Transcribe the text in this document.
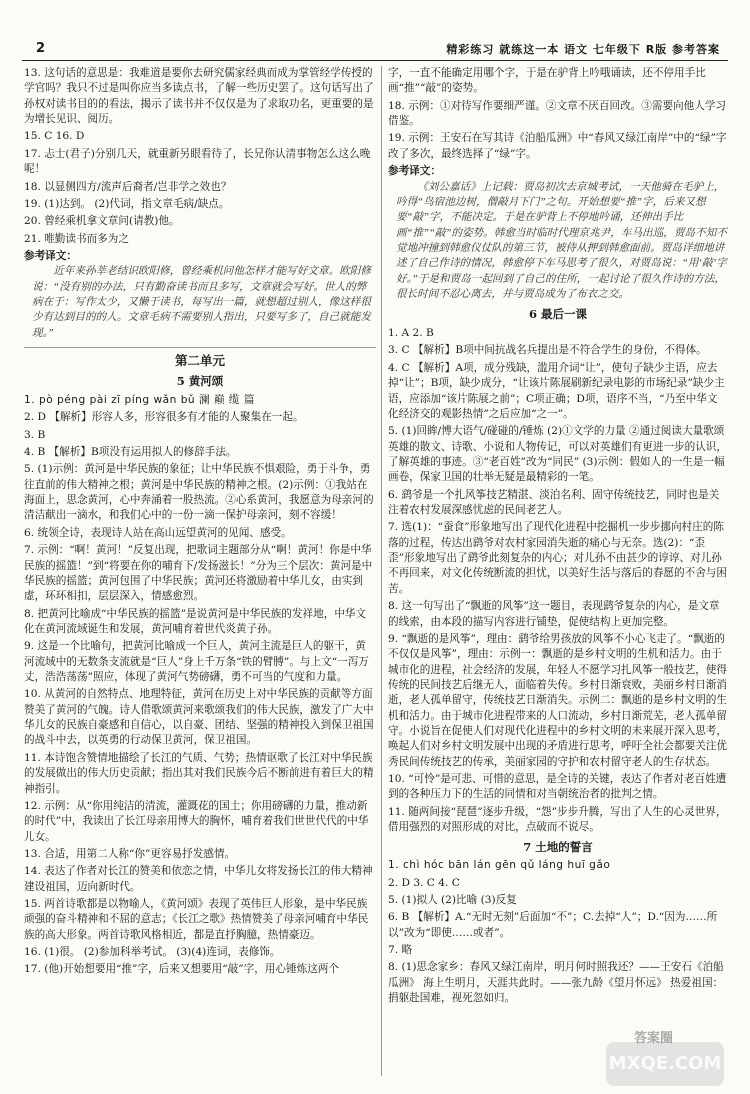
2	精彩练习 就练这一本 语文 七年级下 R版 参考答案
13. 这句话的意思是：我难道是要你去研究儒家经典而成为掌管经学传授的学官吗？我只不过是叫你应当多读点书，了解一些历史罢了。这句话写出了孙权对读书目的的看法，揭示了读书并不仅仅是为了求取功名，更重要的是为增长见识、阅历。
15. C 16. D
17. 忐士(君子)分别几天，就重新另眼看待了，长兄你认清事物怎么这么晚呢！
18. 以显侧四方/流声后裔者/岂非学之效也？
19. (1)达到。 (2)代词，指文章毛病/缺点。
20. 曾经乘机拿文章问(请教)他。
21. 唯勤读书而多为之
参考译文：
近年来孙莘老结识欧阳修，曾经乘机问他怎样才能写好文章。欧阳修说：“没有别的办法，只有勤奋读书而且多写，文章就会写好。世人的弊病在于：写作太少，又懒于读书，每写出一篇，就想超过别人，像这样很少有达到目的的人。文章毛病不需要别人指出，只要写多了，自己就能发现。”
第二单元
5 黄河颂
1. pò péng pài zī píng wǎn bǔ 澜 巅 缆 篇
2. D 【解析】形容人多，形容很多有才能的人聚集在一起。
3. B
4. B 【解析】B项没有运用拟人的修辞手法。
5. (1)示例：黄河是中华民族的象征；让中华民族不惧艰险，勇于斗争，勇往直前的伟大精神之根；黄河是中华民族的精神之根。(2)示例：①我站在海面上，思念黄河，心中奔涌着一股热流。②心系黄河，我愿意为母亲河的清洁献出一滴水，和我们心中的一份一滴一保护母亲河，刻不容缓！
6. 统领全诗，表现诗人站在高山远望黄河的见闻、感受。
7. 示例：“啊！黄河！”反复出现，把歌词主题部分从“啊！黄河！你是中华民族的摇篮！”到“将要在你的哺育下/发扬滋长！”分为三个层次：黄河是中华民族的摇篮；黄河包围了中华民族；黄河还将激励着中华儿女，由实到虚，环环相扣，层层深入，情感愈烈。
8. 把黄河比喻成“中华民族的摇篮”是说黄河是中华民族的发祥地，中华文化在黄河流域诞生和发展，黄河哺育着世代炎黄子孙。
9. 这是一个比喻句，把黄河比喻成一个巨人，黄河主流是巨人的躯干，黄河流域中的无数条支流就是“巨人”身上千万条“铁的臂膊”。与上文“一泻万丈，浩浩荡荡”照应，体现了黄河气势磅礴，勇不可当的气度和力量。
10. 从黄河的自然特点、地理特征，黄河在历史上对中华民族的贡献等方面赞美了黄河的气魄。诗人借歌颂黄河来歌颂我们的伟大民族，激发了广大中华儿女的民族自豪感和自信心，以自豪、团结、坚强的精神投入到保卫祖国的战斗中去，以英勇的行动保卫黄河，保卫祖国。
11. 本诗饱含赞情地描绘了长江的气质、气势；热情讴歌了长江对中华民族的发展做出的伟大历史贡献；指出其对我们民族今后不断前进有着巨大的精神指引。
12. 示例：从“你用纯洁的清流，灌溉花的国土；你用磅礴的力量，推动新的时代”中，我读出了长江母亲用博大的胸怀，哺育着我们世世代代的中华儿女。
13. 合适，用第二人称“你”更容易抒发感情。
14. 表达了作者对长江的赞美和依恋之情，中华儿女将发扬长江的伟大精神建设祖国，迈向新时代。
15. 两首诗歌都是以物喻人，《黄河颂》表现了英伟巨人形象，是中华民族顽强的奋斗精神和不屈的意志；《长江之歌》热情赞美了母亲河哺育中华民族的高大形象。两首诗歌风格相近，都是直抒胸臆，热情豪迈。
16. (1)很。 (2)参加科举考试。 (3)(4)连词，表修饰。
17. (他)开始想要用“推”字，后来又想要用“敲”字，用心锤炼这两个
字，一直不能确定用哪个字，于是在驴背上吟哦诵读，还不停用手比画“推”“敲”的姿势。
18. 示例：①对待写作要细严谨。②文章不厌百回改。③需要向他人学习借鉴。
19. 示例：王安石在写其诗《泊船瓜洲》中“春风又绿江南岸”中的“绿”字改了多次，最终选择了“绿”字。
参考译文：
《刘公嘉话》上记载：贾岛初次去京城考试，一天他骑在毛驴上，吟得“鸟宿池边树，僧敲月下门”之句。开始想要“推”字，后来又想要“敲”字，不能决定。于是在驴背上不停地吟诵，还伸出手比画“推”“敲”的姿势。韩愈当时临时代理京兆尹，车马出巡，贾岛不知不觉地冲撞到韩愈仪仗队的第三节，被侍从押到韩愈面前。贾岛详细地讲述了自己作诗的情况，韩愈停下车马思考了很久，对贾岛说：“用‘敲’字好。”于是和贾岛一起回到了自己的住所，一起讨论了很久作诗的方法，很长时间不忍心离去，并与贾岛成为了布衣之交。
6 最后一课
1. A 2. B
3. C 【解析】B项中间抗战名兵提出是不符合学生的身份，不得体。
4. C 【解析】A项，成分残缺，滥用介词“让”，使句子缺少主语，应去掉“让”；B项，缺少成分，“让该片陈展刷新纪录电影的市场纪录”缺少主语，应添加“该片陈展之前”；C项正确；D项，语序不当，“乃至中华文化经济交的观影热情”之后应加“之一”。
5. (1)回眸/博大语气/碰碰的/锤炼 (2)①文学的力量 ②通过阅读大量歌颂英雄的散文、诗歌、小说和人物传记，可以对英雄们有更进一步的认识，了解英雄的事迹。③“老百姓”改为“同民” (3)示例：假如人的一生是一幅画卷，保家卫国的壮举无疑是最精彩的一笔。
6. 鹞爷是一个扎风筝技艺精湛、淡泊名利、固守传统技艺，同时也是关注着农村发展深感忧虑的民间老艺人。
7. 选(1)：“蚕食”形象地写出了现代化进程中挖掘机一步步挪向村庄的陈落的过程，传达出鹞爷对农村家园消失逝的痛心与无奈。选(2)：“歪歪”形象地写出了鹞爷此刻复杂的内心；对儿孙不由甚少的谆谆、对儿孙不再回来，对文化传统断流的担忧，以美好生活与落后的春愿的不舍与困苦。
8. 这一句写出了“飘逝的风筝”这一题目，表现鹞爷复杂的内心，是文章的线索，由本段的描写内容进行铺垫，促使结构上更加完整。
9. “飘逝的是风筝”，理由：鹞爷给男孩放的风筝不小心飞走了。“飘逝的不仅仅是风筝”，理由：示例一：飘逝的是乡村文明的生机和活力。由于城市化的进程，社会经济的发展，年轻人不愿学习扎风筝一般技艺，使得传统的民间技艺后继无人，面临着失传。乡村日渐衰败，美丽乡村日渐消逝，老人孤单留守，传统技艺日渐消失。示例二：飘逝的是乡村文明的生机和活力。由于城市化进程带来的人口流动，乡村日渐荒芜，老人孤单留守。小说旨在促使人们对现代化进程中的乡村文明的未来展开深入思考，唤起人们对乡村文明发展中出现的矛盾进行思考，呼吁全社会都要关注优秀民间传统技艺的传承，美丽家园的守护和农村留守老人的生存状态。
10. “可怜”是可悲、可惜的意思，是全诗的关键，表达了作者对老百姓遭到的各种压力下的生活的同情和对当朝统治者的批判之情。
11. 随两间接“琵琶”逐步升级，“怨”步步升腾，写出了人生的心灵世界，借用强烈的对照形成的对比，点破而不说尽。
7 土地的誓言
1. chì hóc bān lán gēn qǔ láng huī gǎo
2. D 3. C 4. C
5. (1)拟人 (2)比喻 (3)反复
6. B 【解析】A.“无时无刻”后面加“不”；C.去掉“人”；D.“因为……所以”改为“即使……或者”。
7. 略
8. (1)思念家乡：春风又绿江南岸，明月何时照我还？——王安石《泊船瓜洲》 海上生明月，天涯共此时。——张九龄《望月怀远》 热爱祖国：捐躯赴国难，视死忽如归。
答案圈
MXQE.COM
